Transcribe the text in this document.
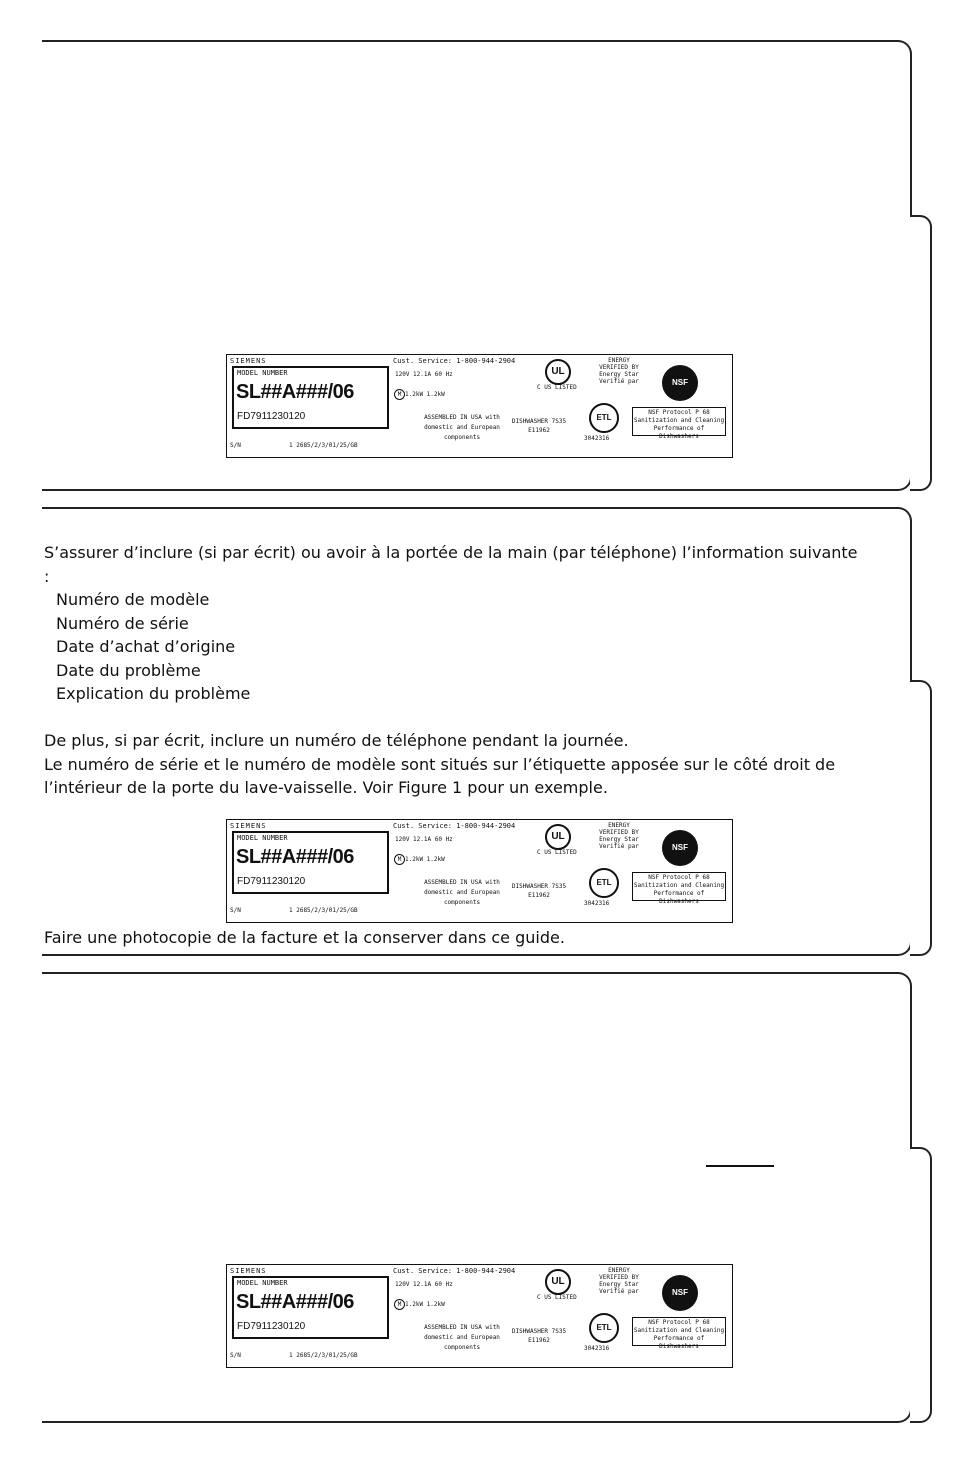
SIEMENS
MODEL NUMBER
SL##A###/06
FD7911230120
S/N	1 2685/2/3/01/25/GB
Cust. Service: 1-800-944-2904
120V 12.1A 60 Hz
M 1.2kW 1.2kW
ASSEMBLED IN USA with domestic and European components
UL
C US LISTED
DISHWASHER 7S35 E11962
ENERGY VERIFIED BY Energy Star Verifié par
ETL
3042316
NSF
NSF Protocol P 68 Sanitization and Cleaning Performance of Dishwashers

S’assurer d’inclure (si par écrit) ou avoir à la portée de la main (par téléphone) l’information suivante :

Numéro de modèle
Numéro de série
Date d’achat d’origine
Date du problème
Explication du problème

De plus, si par écrit, inclure un numéro de téléphone pendant la journée.

Le numéro de série et le numéro de modèle sont situés sur l’étiquette apposée sur le côté droit de l’intérieur de la porte du lave-vaisselle. Voir Figure 1 pour un exemple.

SIEMENS
MODEL NUMBER
SL##A###/06
FD7911230120
S/N	1 2685/2/3/01/25/GB
Cust. Service: 1-800-944-2904
120V 12.1A 60 Hz
M 1.2kW 1.2kW
ASSEMBLED IN USA with domestic and European components
UL
C US LISTED
DISHWASHER 7S35 E11962
ENERGY VERIFIED BY Energy Star Verifié par
ETL
3042316
NSF
NSF Protocol P 68 Sanitization and Cleaning Performance of Dishwashers
Faire une photocopie de la facture et la conserver dans ce guide.
SIEMENS
MODEL NUMBER
SL##A###/06
FD7911230120
S/N	1 2685/2/3/01/25/GB
Cust. Service: 1-800-944-2904
120V 12.1A 60 Hz
M 1.2kW 1.2kW
ASSEMBLED IN USA with domestic and European components
UL
C US LISTED
DISHWASHER 7S35 E11962
ENERGY VERIFIED BY Energy Star Verifié par
ETL
3042316
NSF
NSF Protocol P 68 Sanitization and Cleaning Performance of Dishwashers
